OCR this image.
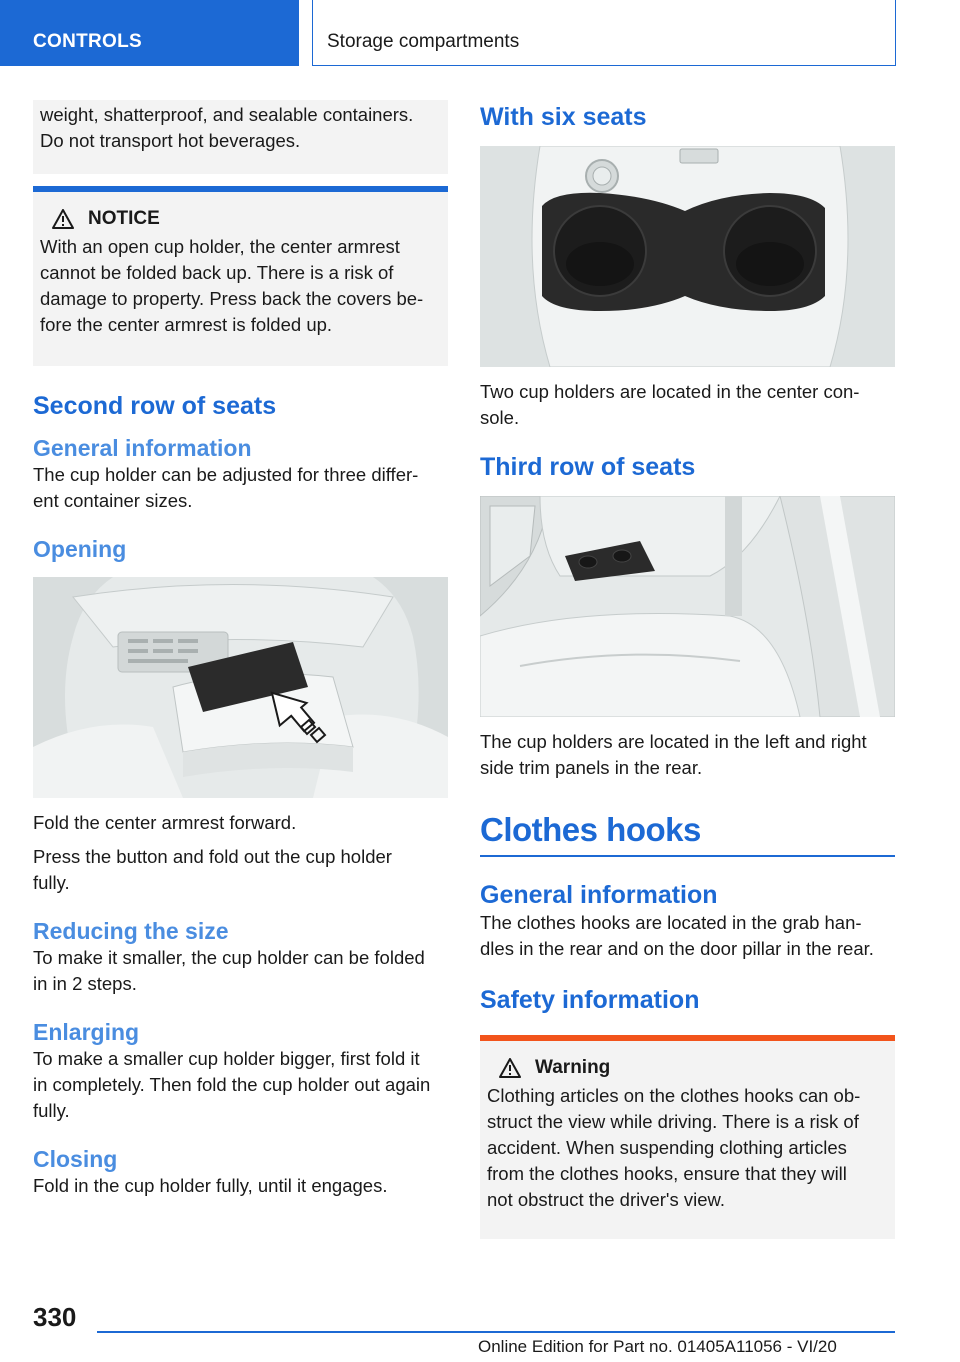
CONTROLS	Storage compartments
weight, shatterproof, and sealable containers.
Do not transport hot beverages.
NOTICE
With an open cup holder, the center armrest
cannot be folded back up. There is a risk of
damage to property. Press back the covers be-
fore the center armrest is folded up.
Second row of seats
General information
The cup holder can be adjusted for three differ-
ent container sizes.
Opening
Fold the center armrest forward.
Press the button and fold out the cup holder
fully.
Reducing the size
To make it smaller, the cup holder can be folded
in in 2 steps.
Enlarging
To make a smaller cup holder bigger, first fold it
in completely. Then fold the cup holder out again
fully.
Closing
Fold in the cup holder fully, until it engages.
With six seats
Two cup holders are located in the center con-
sole.
Third row of seats
The cup holders are located in the left and right
side trim panels in the rear.
Clothes hooks
General information
The clothes hooks are located in the grab han-
dles in the rear and on the door pillar in the rear.
Safety information
Warning
Clothing articles on the clothes hooks can ob-
struct the view while driving. There is a risk of
accident. When suspending clothing articles
from the clothes hooks, ensure that they will
not obstruct the driver's view.
330
Online Edition for Part no. 01405A11056 - VI/20
